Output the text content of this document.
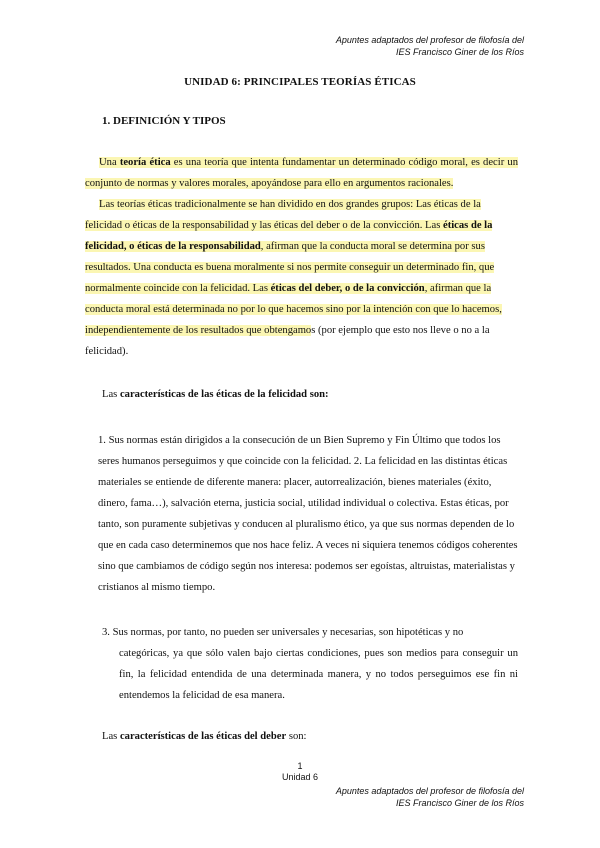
Apuntes adaptados del profesor de filofosía del
IES Francisco Giner de los Ríos
UNIDAD 6: PRINCIPALES TEORÍAS ÉTICAS
1. DEFINICIÓN Y TIPOS

Una teoría ética es una teoría que intenta fundamentar un determinado código moral, es decir un conjunto de normas y valores morales, apoyándose para ello en argumentos racionales.

Las teorías éticas tradicionalmente se han dividido en dos grandes grupos: Las éticas de la felicidad o éticas de la responsabilidad y las éticas del deber o de la convicción. Las éticas de la felicidad, o éticas de la responsabilidad, afirman que la conducta moral se determina por sus resultados. Una conducta es buena moralmente si nos permite conseguir un determinado fin, que normalmente coincide con la felicidad. Las éticas del deber, o de la convicción, afirman que la conducta moral está determinada no por lo que hacemos sino por la intención con que lo hacemos, independientemente de los resultados que obtengamos (por ejemplo que esto nos lleve o no a la felicidad).

Las características de las éticas de la felicidad son:
1. Sus normas están dirigidos a la consecución de un Bien Supremo y Fin Último que todos los seres humanos perseguimos y que coincide con la felicidad. 2. La felicidad en las distintas éticas materiales se entiende de diferente manera: placer, autorrealización, bienes materiales (éxito, dinero, fama…), salvación eterna, justicia social, utilidad individual o colectiva. Estas éticas, por tanto, son puramente subjetivas y conducen al pluralismo ético, ya que sus normas dependen de lo que en cada caso determinemos que nos hace feliz. A veces ni siquiera tenemos códigos coherentes sino que cambiamos de código según nos interesa: podemos ser egoístas, altruistas, materialistas y cristianos al mismo tiempo.
3. Sus normas, por tanto, no pueden ser universales y necesarias, son hipotéticas y no
categóricas, ya que sólo valen bajo ciertas condiciones, pues son medios para conseguir un fin, la felicidad entendida de una determinada manera, y no todos perseguimos ese fin ni entendemos la felicidad de esa manera.
Las características de las éticas del deber son:
1
Unidad 6
Apuntes adaptados del profesor de filofosía del
IES Francisco Giner de los Ríos
